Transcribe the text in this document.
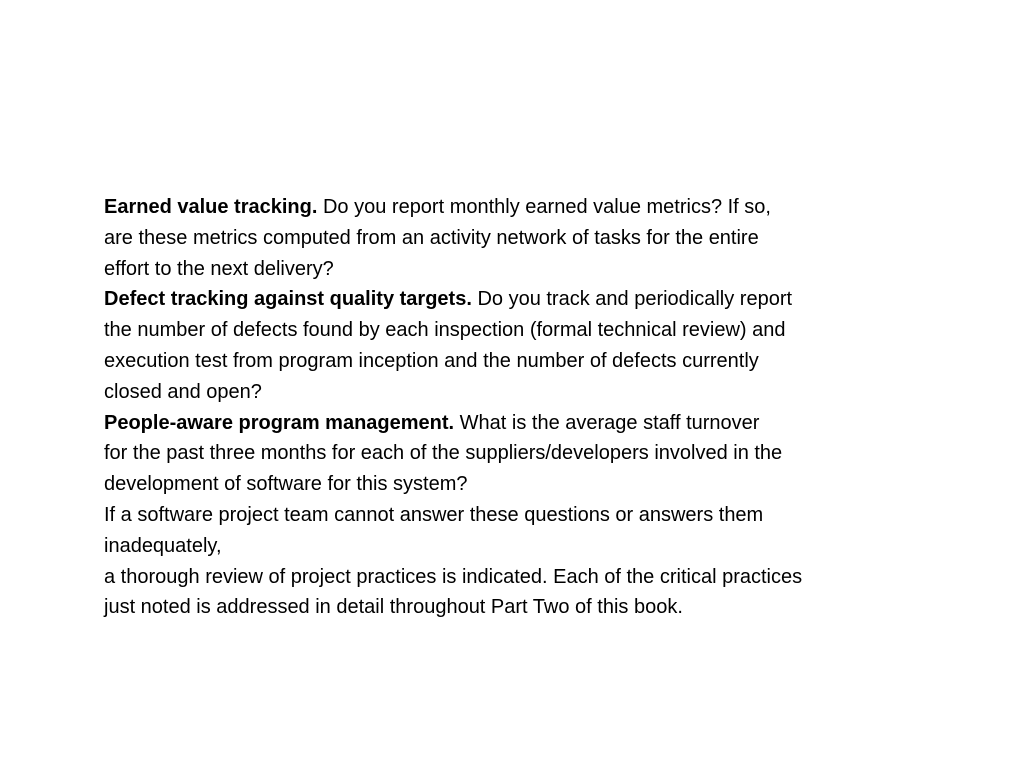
Earned value tracking. Do you report monthly earned value metrics? If so,
are these metrics computed from an activity network of tasks for the entire
effort to the next delivery?
Defect tracking against quality targets. Do you track and periodically report
the number of defects found by each inspection (formal technical review) and
execution test from program inception and the number of defects currently
closed and open?
People-aware program management. What is the average staff turnover
for the past three months for each of the suppliers/developers involved in the
development of software for this system?
If a software project team cannot answer these questions or answers them
inadequately,
a thorough review of project practices is indicated. Each of the critical practices
just noted is addressed in detail throughout Part Two of this book.
